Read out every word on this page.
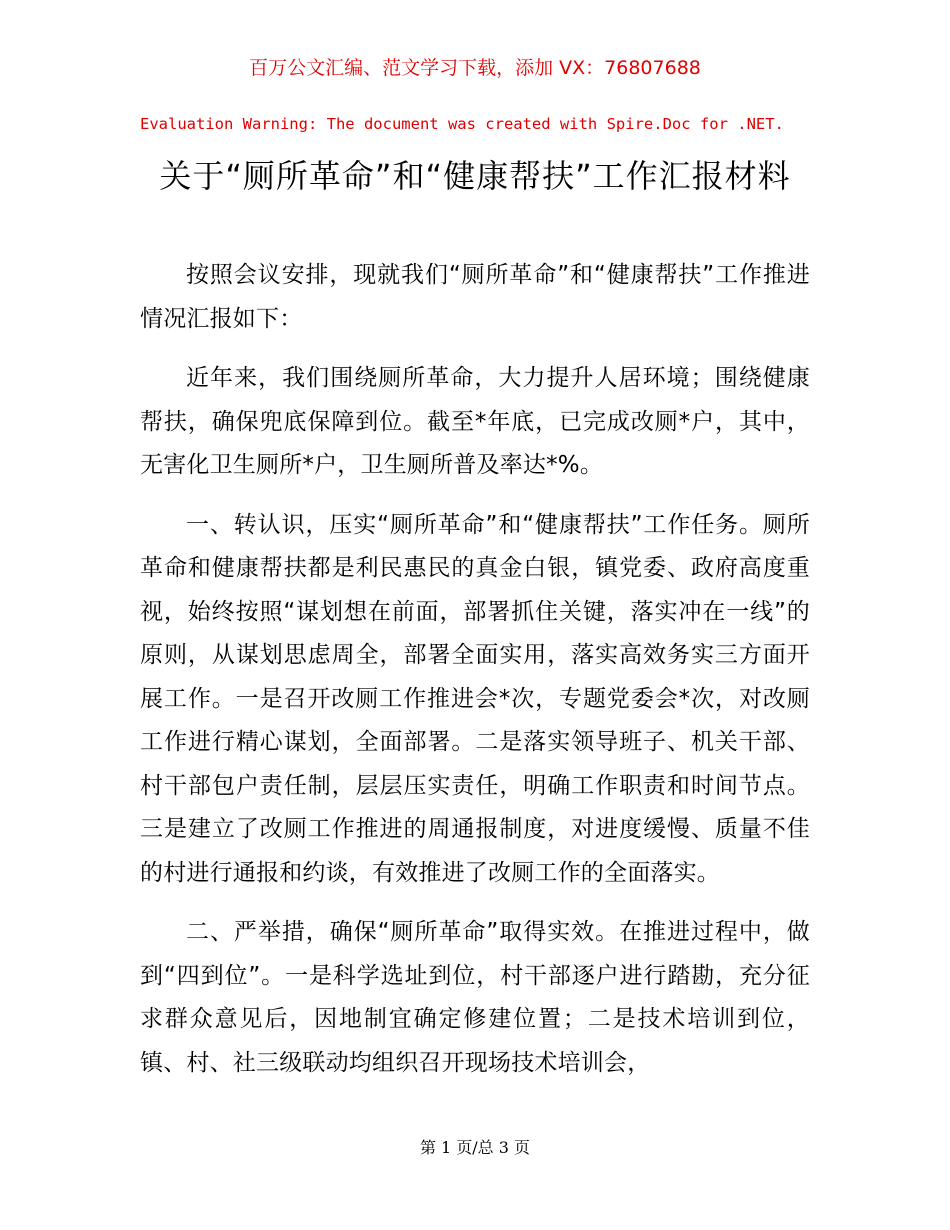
百万公文汇编、范文学习下载，添加 VX：76807688
Evaluation Warning: The document was created with Spire.Doc for .NET.
关于“厕所革命”和“健康帮扶”工作汇报材料

按照会议安排，现就我们“厕所革命”和“健康帮扶”工作推进情况汇报如下：

近年来，我们围绕厕所革命，大力提升人居环境；围绕健康帮扶，确保兜底保障到位。截至*年底，已完成改厕*户，其中，无害化卫生厕所*户，卫生厕所普及率达*%。

一、转认识，压实“厕所革命”和“健康帮扶”工作任务。厕所革命和健康帮扶都是利民惠民的真金白银，镇党委、政府高度重视，始终按照“谋划想在前面，部署抓住关键，落实冲在一线”的原则，从谋划思虑周全，部署全面实用，落实高效务实三方面开展工作。一是召开改厕工作推进会*次，专题党委会*次，对改厕工作进行精心谋划，全面部署。二是落实领导班子、机关干部、村干部包户责任制，层层压实责任，明确工作职责和时间节点。三是建立了改厕工作推进的周通报制度，对进度缓慢、质量不佳的村进行通报和约谈，有效推进了改厕工作的全面落实。

二、严举措，确保“厕所革命”取得实效。在推进过程中，做到“四到位”。一是科学选址到位，村干部逐户进行踏勘，充分征求群众意见后，因地制宜确定修建位置；二是技术培训到位，镇、村、社三级联动均组织召开现场技术培训会，

第 1 页/总 3 页
